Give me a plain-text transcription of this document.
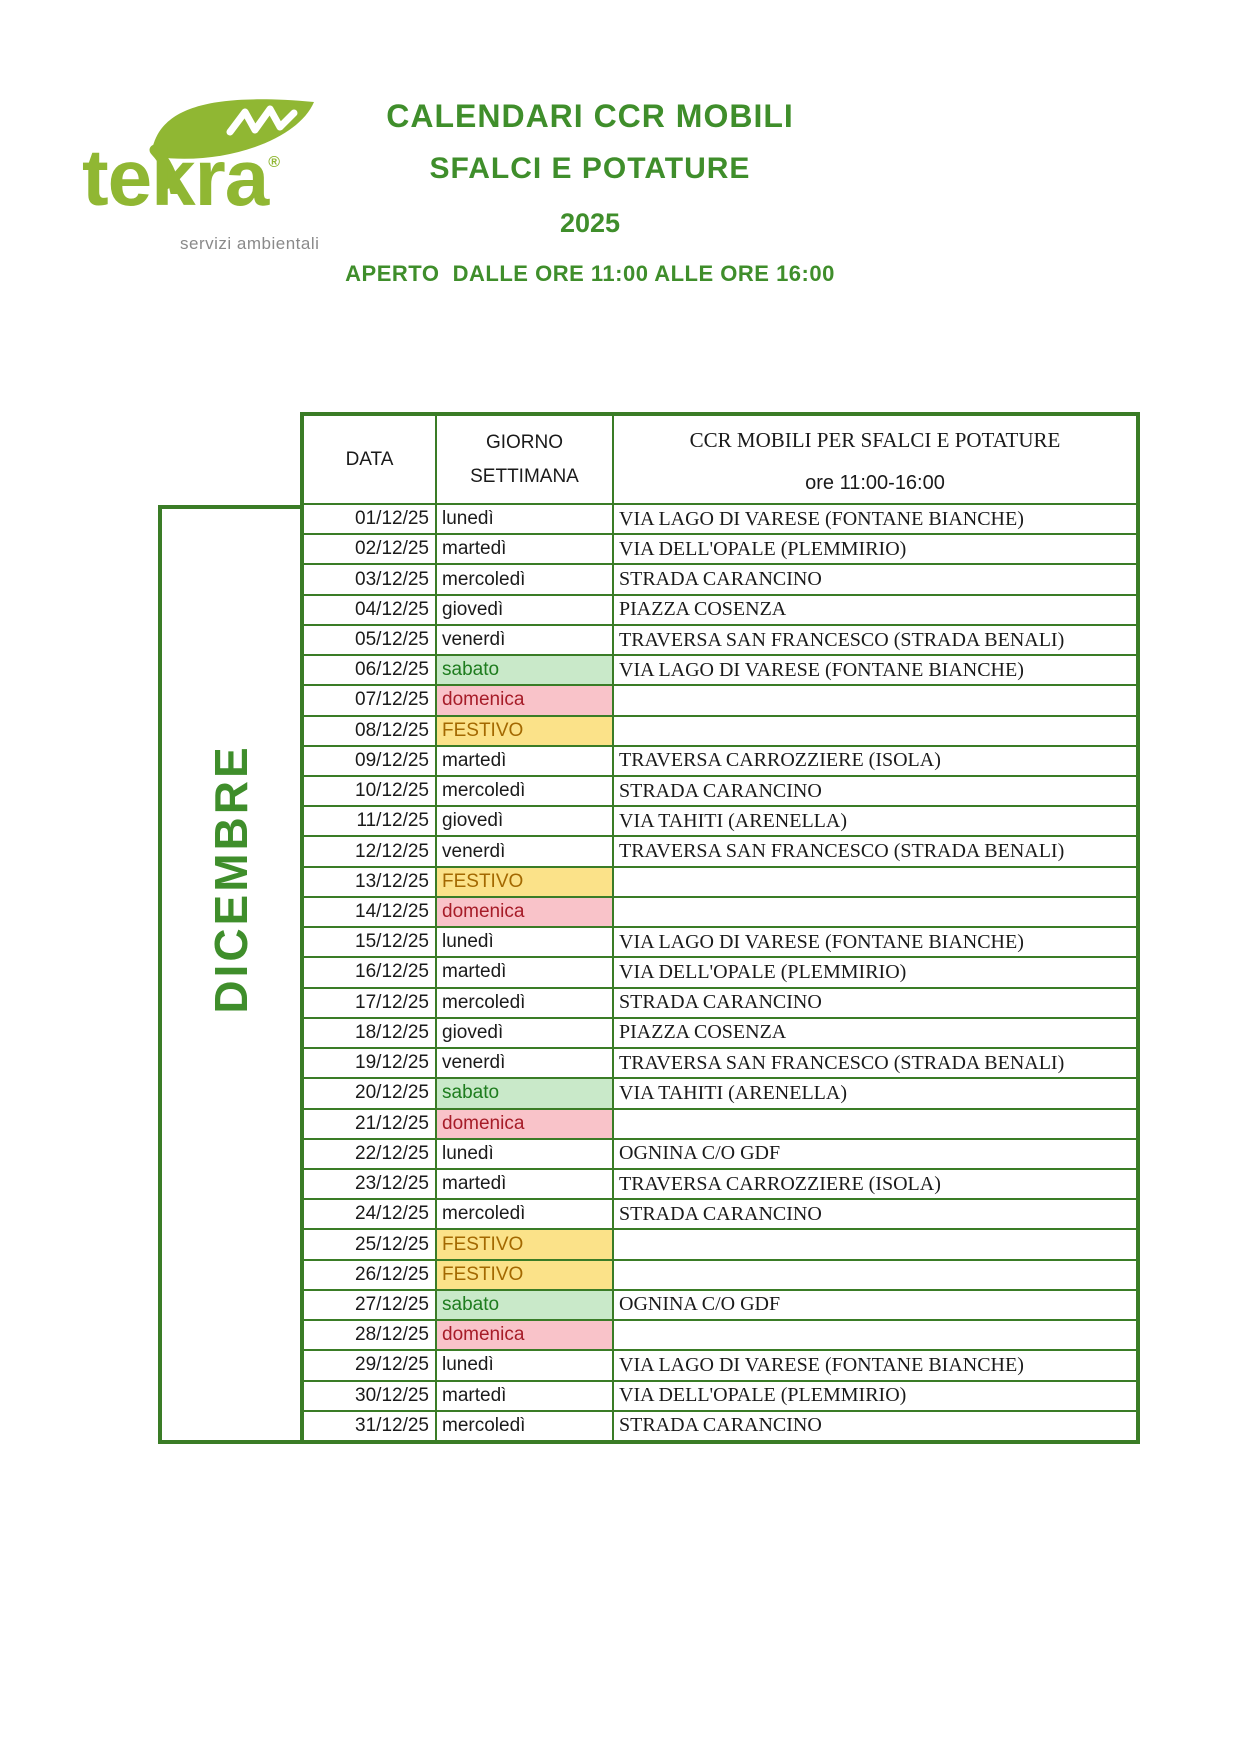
tekra®
servizi ambientali
CALENDARI CCR MOBILI
SFALCI E POTATURE
2025
APERTO  DALLE ORE 11:00 ALLE ORE 16:00
DICEMBRE
DATA
GIORNO
SETTIMANA
CCR MOBILI PER SFALCI E POTATURE
ore 11:00-16:00
01/12/25 lunedì	VIA LAGO DI VARESE (FONTANE BIANCHE)
02/12/25 martedì	VIA DELL'OPALE (PLEMMIRIO)
03/12/25 mercoledì	STRADA CARANCINO
04/12/25 giovedì	PIAZZA COSENZA
05/12/25 venerdì	TRAVERSA SAN FRANCESCO (STRADA BENALI)
06/12/25 sabato	VIA LAGO DI VARESE (FONTANE BIANCHE)
07/12/25 domenica
08/12/25 FESTIVO
09/12/25 martedì	TRAVERSA CARROZZIERE (ISOLA)
10/12/25 mercoledì	STRADA CARANCINO
11/12/25 giovedì	VIA TAHITI (ARENELLA)
12/12/25 venerdì	TRAVERSA SAN FRANCESCO (STRADA BENALI)
13/12/25 FESTIVO
14/12/25 domenica
15/12/25 lunedì	VIA LAGO DI VARESE (FONTANE BIANCHE)
16/12/25 martedì	VIA DELL'OPALE (PLEMMIRIO)
17/12/25 mercoledì	STRADA CARANCINO
18/12/25 giovedì	PIAZZA COSENZA
19/12/25 venerdì	TRAVERSA SAN FRANCESCO (STRADA BENALI)
20/12/25 sabato	VIA TAHITI (ARENELLA)
21/12/25 domenica
22/12/25 lunedì	OGNINA C/O GDF
23/12/25 martedì	TRAVERSA CARROZZIERE (ISOLA)
24/12/25 mercoledì	STRADA CARANCINO
25/12/25 FESTIVO
26/12/25 FESTIVO
27/12/25 sabato	OGNINA C/O GDF
28/12/25 domenica
29/12/25 lunedì	VIA LAGO DI VARESE (FONTANE BIANCHE)
30/12/25 martedì	VIA DELL'OPALE (PLEMMIRIO)
31/12/25 mercoledì	STRADA CARANCINO
